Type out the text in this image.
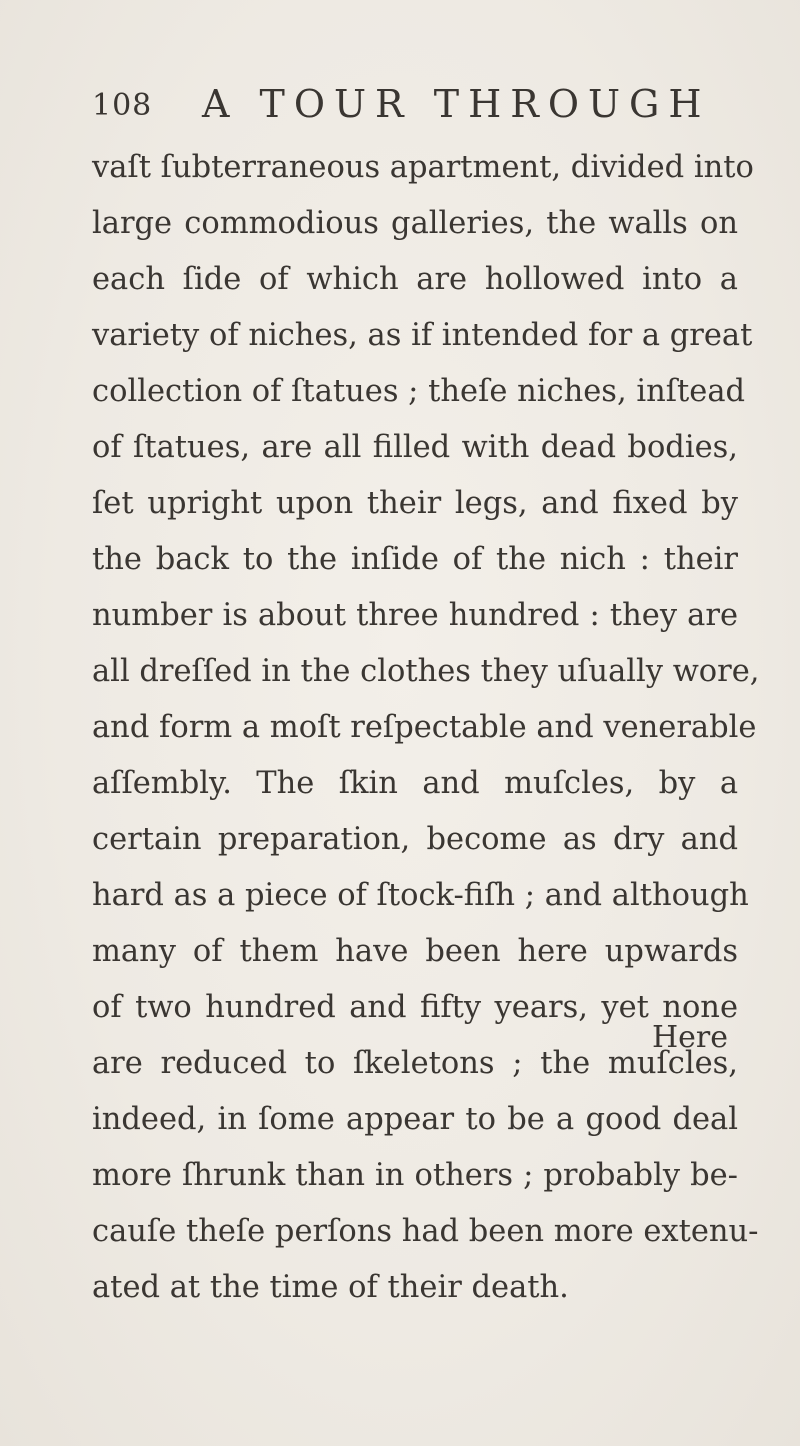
108 A TOUR THROUGH
vaſt ſubterraneous apartment, divided into
large commodious galleries, the walls on
each ſide of which are hollowed into a
variety of niches, as if intended for a great
collection of ſtatues ; theſe niches, inſtead
of ſtatues, are all filled with dead bodies,
ſet upright upon their legs, and fixed by
the back to the inſide of the nich : their
number is about three hundred : they are
all dreſſed in the clothes they uſually wore,
and form a moſt reſpectable and venerable
aſſembly. The ſkin and muſcles, by a
certain preparation, become as dry and
hard as a piece of ſtock-fiſh ; and although
many of them have been here upwards
of two hundred and fifty years, yet none
are reduced to ſkeletons ; the muſcles,
indeed, in ſome appear to be a good deal
more ſhrunk than in others ; probably be-
cauſe theſe perſons had been more extenu-
ated at the time of their death.
Here
